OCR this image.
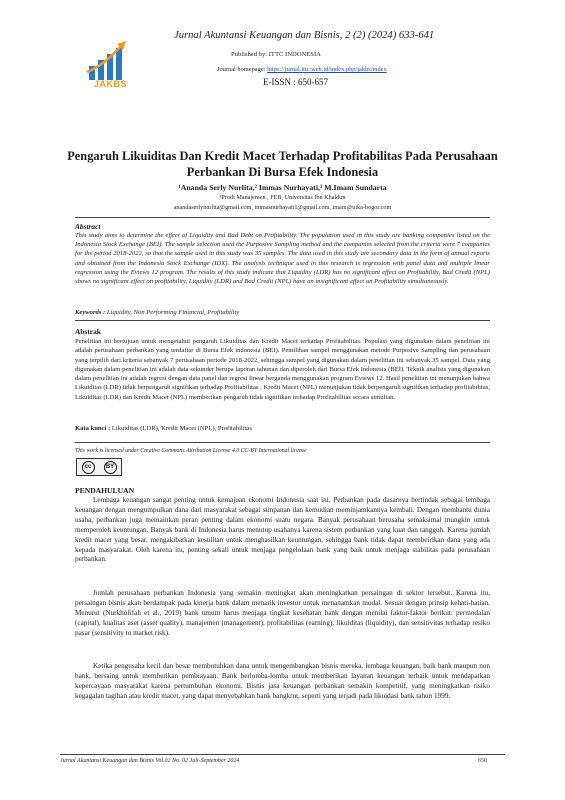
JAKBS
Jurnal Akuntansi Keuangan dan Bisnis, 2 (2) (2024) 633-641
Published by: ITTC INDONESIA
Journal homepage: https://jurnal.ittc.web.id/index.php/jakbs/index
E-ISSN : 650-657
Pengaruh Likuiditas Dan Kredit Macet Terhadap Profitabilitas Pada Perusahaan Perbankan Di Bursa Efek Indonesia
¹Ananda Serly Nurlita,² Immas Nurhayati,³ M.Imam Sundarta
¹Prodi Manajemen , FEB, Universitas Ibn Khaldun
anandaserlynurlita@gmail.com, immasnurhayati1@gmail.com, imam@uika-bogor.com
Abstract
This study aims to determine the effect of Liquidity and Bad Debt on Profitability. The population used in this study are banking companies listed on the Indonesia Stock Exchange (BEI). The sample selection used the Purposive Sampling method and the companies selected from the criteria were 7 companies for the period 2018-2022, so that the sample used in this study was 35 samples. The data used in this study are secondary data in the form of annual reports and obtained from the Indonesia Stock Exchange (IDX). The analysis technique used in this research is regression with panel data and multiple linear regression using the Eviews 12 program. The results of this study indicate that Liquidity (LDR) has no significant effect on Profitability, Bad Credit (NPL) shows no significant effect on profitability, Liquidity (LDR) and Bad Credit (NPL) have an insignificant effect on Profitability simultaneously.
Keywords : Liquidity, Non Performing Financial, Profitability
Abstrak
Penelitian ini bertujuan untuk mengetahui pengaruh Likuiditas dan Kredit Macet terhadap Profitabilitas. Populasi yang digunakan dalam penelitian ini adalah perusahaan perbankan yang terdaftar di Bursa Efek indonesia (BEI). Pemilihan sampel menggunakan metode Purposive Sampling dan perusahaan yang terpilih dari kriteria sebanyak 7 perusahaan periode 2018-2022, sehingga sampel yang digunakan dalam penelitian ini sebanyak 35 sampel. Data yang digunakan dalam penelitian ini adalah data sekunder berupa laporan tahunan dan diperoleh dari Bursa Efek Indonesia (BEI). Teknik analisis yang digunakan dalam penelitian ini adalah regresi dengan data panel dan regresi linear berganda menggunakan program Eviews 12. Hasil penelitian ini menunjukan bahwa Likuiditas (LDR) tidak berpengaruh signifikan terhadap Profitabilitas , Kredit Macet (NPL) menunjukan tidak berpengaruh signifikan terhadap profitabilitas, Likuiditas (LDR) dan Kredit Macet (NPL) memberikan pengaruh tidak signifikan terhadap Profitabilitas secara simultan.
Kata kunci : Likuiditas (LDR), Kredit Macet (NPL), Profitabilitas
This work is licensed under Creative Commons Attribution License 4.0 CC-BY International license
cc	BY
PENDAHULUAN

Lembaga keuangan sangat penting untuk kemajuan ekonomi Indonesia saat ini. Perbankan pada dasarnya bertindak sebagai lembaga keuangan dengan mengumpulkan dana dari masyarakat sebagai simpanan dan kemudian meminjamkannya kembali. Dengan membantu dunia usaha, perbankan juga memainkan peran penting dalam ekonomi suatu negara. Banyak perusahaan berusaha semaksimal mungkin untuk memperoleh keuntungan. Banyak bank di Indonesia harus menutup usahanya karena sistem perbankan yang kuat dan tangguh. Karena jumlah kredit macet yang besar, mengakibatkan kesulitan untuk menghasilkan keuntungan, sehingga bank tidak dapat membeirikan dana yang ada kepada masyarakat. Oleh karena itu, penting sekali untuk menjaga pengelolaan bank yang baik untuk menjaga stabilitas pada perusahaan perbankan.

Jumlah perusahaan perbankan Indonesia yang semakin meningkat akan meningkatkan persaingan di sektor tersebut. Karena itu, persaingan bisnis akan berdampak pada kinerja bank dalam menarik investor untuk menanamkan modal. Sesuai dengan prinsip kehati-hatian. Menurut (Nurkhofifah et al., 2019) bank umum harus menjaga tingkat kesehatan bank dengan menilai faktor-faktor berikut: permodalan (capital), kualitas aset (asset quality), manajemen (management), profitabilitas (earning), likuiditas (liquidity), dan sensitivitas terhadap resiko pasar (sensitivity to market risk).

Ketika pengusaha kecil dan besar membutuhkan dana untuk mengembangkan bisnis mereka, lembaga keuangan, baik bank maupun non bank, bersaing untuk memberikan pembiayaan. Bank berlomba-lomba untuk memberikan layanan keuangan terbaik untuk mendapatkan kepercayaan masyarakat karena pertumbuhan ekonomi. Bisnis jasa keuangan perbankan semakin kompetitif, yang meningkatkan risiko kegagalan tagihan atau kredit macet, yang dapat menyebabkan bank bangkrut, seperti yang terjadi pada likuidasi bank tahun 1999.

Jurnal Akuntansi Keuangan dan Bisnis Vol.02 No. 02 Juli-September 2024	650
